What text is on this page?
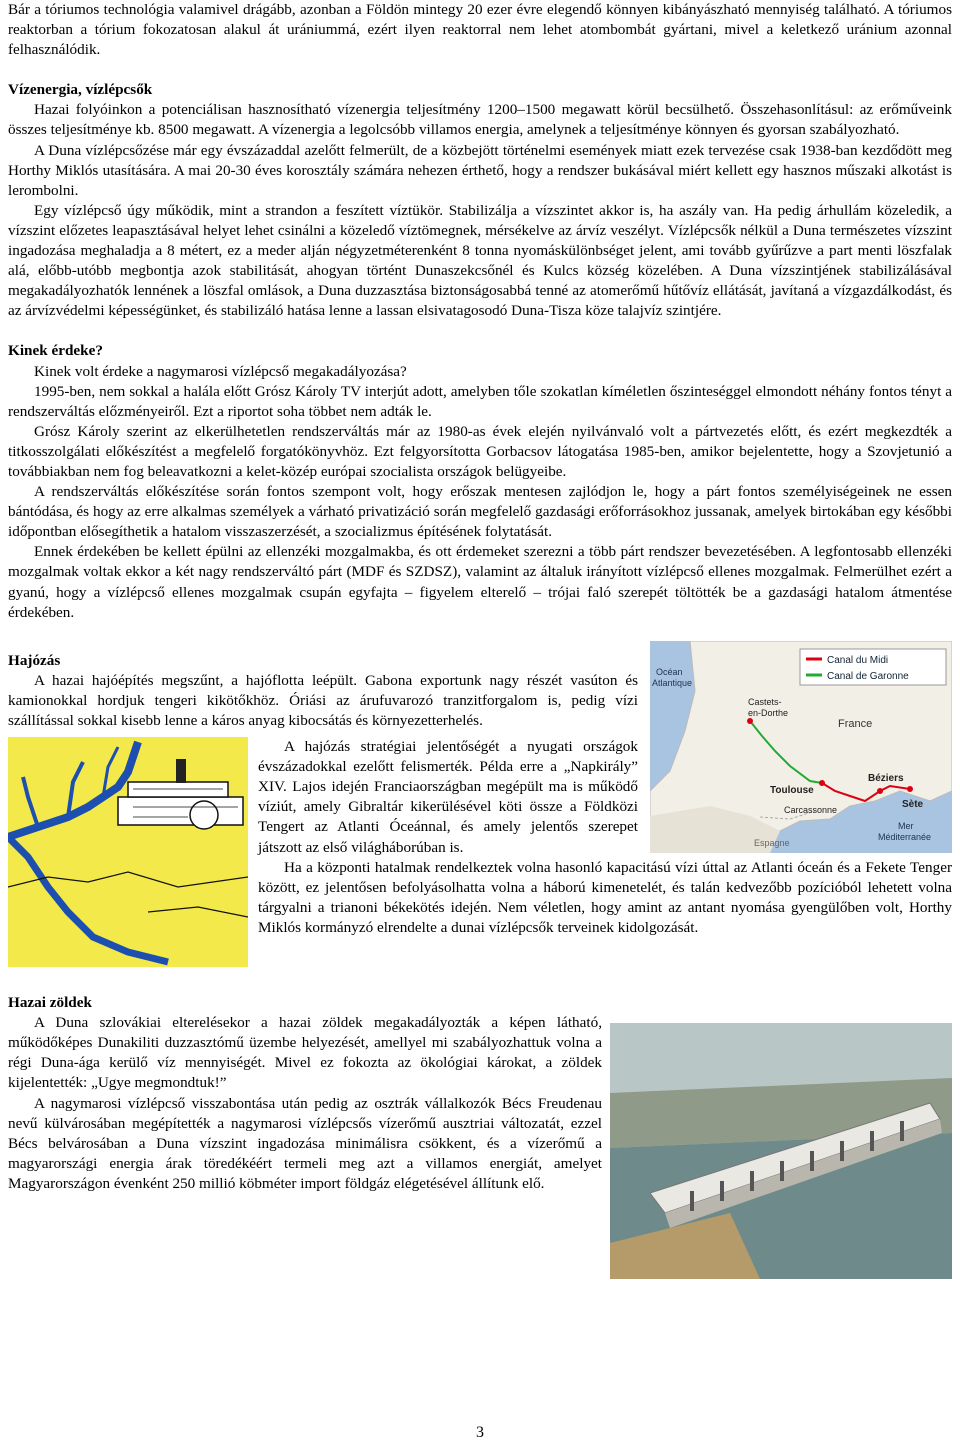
Bár a tóriumos technológia valamivel drágább, azonban a Földön mintegy 20 ezer évre elegendő könnyen kibányászható mennyiség található. A tóriumos reaktorban a tórium fokozatosan alakul át urániummá, ezért ilyen reaktorral nem lehet atombombát gyártani, mivel a keletkező uránium azonnal felhasználódik.

Vízenergia, vízlépcsők

Hazai folyóinkon a potenciálisan hasznosítható vízenergia teljesítmény 1200–1500 megawatt körül becsülhető. Összehasonlításul: az erőműveink összes teljesítménye kb. 8500 megawatt. A vízenergia a legolcsóbb villamos energia, amelynek a teljesítménye könnyen és gyorsan szabályozható.

A Duna vízlépcsőzése már egy évszázaddal azelőtt felmerült, de a közbejött történelmi események miatt ezek tervezése csak 1938-ban kezdődött meg Horthy Miklós utasítására. A mai 20-30 éves korosztály számára nehezen érthető, hogy a rendszer bukásával miért kellett egy hasznos műszaki alkotást is lerombolni.

Egy vízlépcső úgy működik, mint a strandon a feszített víztükör. Stabilizálja a vízszintet akkor is, ha aszály van. Ha pedig árhullám közeledik, a vízszint előzetes leapasztásával helyet lehet csinálni a közeledő víztömegnek, mérsékelve az árvíz veszélyt. Vízlépcsők nélkül a Duna természetes vízszint ingadozása meghaladja a 8 métert, ez a meder alján négyzetméterenként 8 tonna nyomáskülönbséget jelent, ami tovább gyűrűzve a part menti löszfalak alá, előbb-utóbb megbontja azok stabilitását, ahogyan történt Dunaszekcsőnél és Kulcs község közelében. A Duna vízszintjének stabilizálásával megakadályozhatók lennének a löszfal omlások, a Duna duzzasztása biztonságosabbá tenné az atomerőmű hűtővíz ellátását, javítaná a vízgazdálkodást, és az árvízvédelmi képességünket, és stabilizáló hatása lenne a lassan elsivatagosodó Duna-Tisza köze talajvíz szintjére.

Kinek érdeke?

Kinek volt érdeke a nagymarosi vízlépcső megakadályozása?

1995-ben, nem sokkal a halála előtt Grósz Károly TV interjút adott, amelyben tőle szokatlan kíméletlen őszinteséggel elmondott néhány fontos tényt a rendszerváltás előzményeiről. Ezt a riportot soha többet nem adták le.

Grósz Károly szerint az elkerülhetetlen rendszerváltás már az 1980-as évek elején nyilvánvaló volt a pártvezetés előtt, és ezért megkezdték a titkosszolgálati előkészítést a megfelelő forgatókönyvhöz. Ezt felgyorsította Gorbacsov látogatása 1985-ben, amikor bejelentette, hogy a Szovjetunió a továbbiakban nem fog beleavatkozni a kelet-közép európai szocialista országok belügyeibe.

A rendszerváltás előkészítése során fontos szempont volt, hogy erőszak mentesen zajlódjon le, hogy a párt fontos személyiségeinek ne essen bántódása, és hogy az erre alkalmas személyek a várható privatizáció során megfelelő gazdasági erőforrásokhoz jussanak, amelyek birtokában egy későbbi időpontban elősegíthetik a hatalom visszaszerzését, a szocializmus építésének folytatását.

Ennek érdekében be kellett épülni az ellenzéki mozgalmakba, és ott érdemeket szerezni a több párt rendszer bevezetésében. A legfontosabb ellenzéki mozgalmak voltak ekkor a két nagy rendszerváltó párt (MDF és SZDSZ), valamint az általuk irányított vízlépcső ellenes mozgalmak. Felmerülhet ezért a gyanú, hogy a vízlépcső ellenes mozgalmak csupán egyfajta – figyelem elterelő – trójai faló szerepét töltötték be a gazdasági hatalom átmentése érdekében.

Canal du Midi
Canal de Garonne
Océan
Atlantique
Castets-
en-Dorthe
France
Toulouse
Béziers
Sète
Carcassonne
Mer
Méditerranée
Espagne
Hajózás

A hazai hajóépítés megszűnt, a hajóflotta leépült. Gabona exportunk nagy részét vasúton és kamionokkal hordjuk tengeri kikötőkhöz. Óriási az árufuvarozó tranzitforgalom is, pedig vízi szállítással sokkal kisebb lenne a káros anyag kibocsátás és környezetterhelés.

A hajózás stratégiai jelentőségét a nyugati országok évszázadokkal ezelőtt felismerték. Példa erre a „Napkirály” XIV. Lajos idején Franciaországban megépült ma is működő víziút, amely Gibraltár kikerülésével köti össze a Földközi Tengert az Atlanti Óceánnal, és amely jelentős szerepet játszott az első világháborúban is.

Ha a központi hatalmak rendelkeztek volna hasonló kapacitású vízi úttal az Atlanti óceán és a Fekete Tenger között, ez jelentősen befolyásolhatta volna a háború kimenetelét, és talán kedvezőbb pozícióból lehetett volna tárgyalni a trianoni békekötés idején. Nem véletlen, hogy amint az antant nyomása gyengülőben volt, Horthy Miklós kormányzó elrendelte a dunai vízlépcsők terveinek kidolgozását.

Hazai zöldek

A Duna szlovákiai elterelésekor a hazai zöldek megakadályozták a képen látható, működőképes Dunakiliti duzzasztómű üzembe helyezését, amellyel mi szabályozhattuk volna a régi Duna-ága kerülő víz mennyiségét. Mivel ez fokozta az ökológiai károkat, a zöldek kijelentették: „Ugye megmondtuk!”

A nagymarosi vízlépcső visszabontása után pedig az osztrák vállalkozók Bécs Freudenau nevű külvárosában megépítették a nagymarosi vízlépcsős vízerőmű ausztriai változatát, ezzel Bécs belvárosában a Duna vízszint ingadozása minimálisra csökkent, és a vízerőmű a magyarországi energia árak töredékéért termeli meg azt a villamos energiát, amelyet Magyarországon évenként 250 millió köbméter import földgáz elégetésével állítunk elő.

3
